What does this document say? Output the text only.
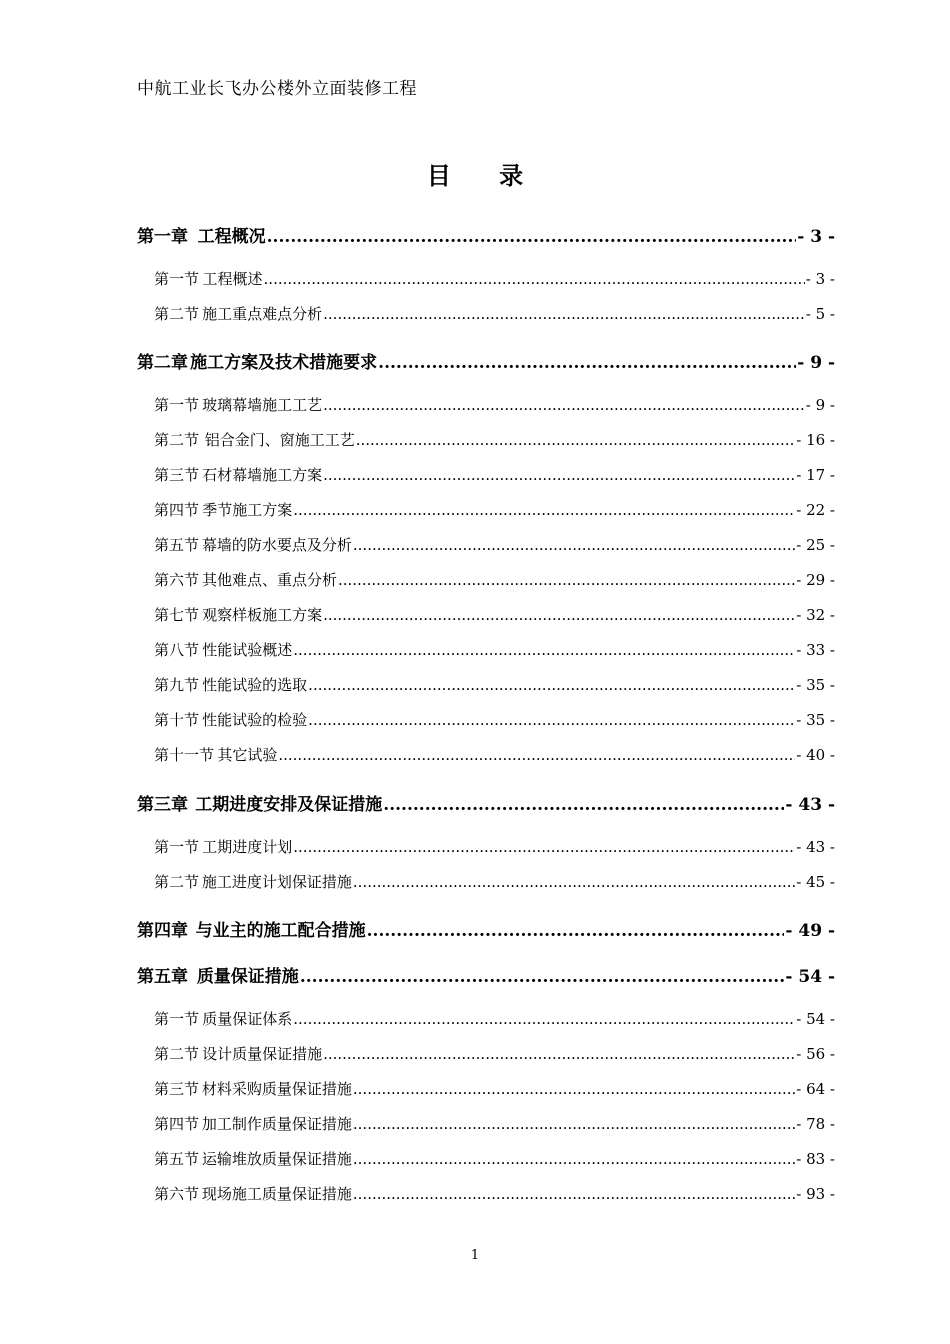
中航工业长飞办公楼外立面装修工程
目 录
第一章 工程概况 .....	- 3 -
第一节 工程概述 .....	- 3 -
第二节 施工重点难点分析 .....	- 5 -
第二章 施工方案及技术措施要求 .....	- 9 -
第一节 玻璃幕墙施工工艺 .....	- 9 -
第二节 铝合金门、窗施工工艺 .....	- 16 -
第三节 石材幕墙施工方案 .....	- 17 -
第四节 季节施工方案 .....	- 22 -
第五节 幕墙的防水要点及分析 .....	- 25 -
第六节 其他难点、重点分析 .....	- 29 -
第七节 观察样板施工方案 .....	- 32 -
第八节 性能试验概述 .....	- 33 -
第九节 性能试验的选取 .....	- 35 -
第十节 性能试验的检验 .....	- 35 -
第十一节 其它试验 .....	- 40 -
第三章 工期进度安排及保证措施 .....	- 43 -
第一节 工期进度计划 .....	- 43 -
第二节 施工进度计划保证措施 .....	- 45 -
第四章 与业主的施工配合措施 .....	- 49 -
第五章 质量保证措施 .....	- 54 -
第一节 质量保证体系 .....	- 54 -
第二节 设计质量保证措施 .....	- 56 -
第三节 材料采购质量保证措施 .....	- 64 -
第四节 加工制作质量保证措施 .....	- 78 -
第五节 运输堆放质量保证措施 .....	- 83 -
第六节 现场施工质量保证措施 .....	- 93 -
1
